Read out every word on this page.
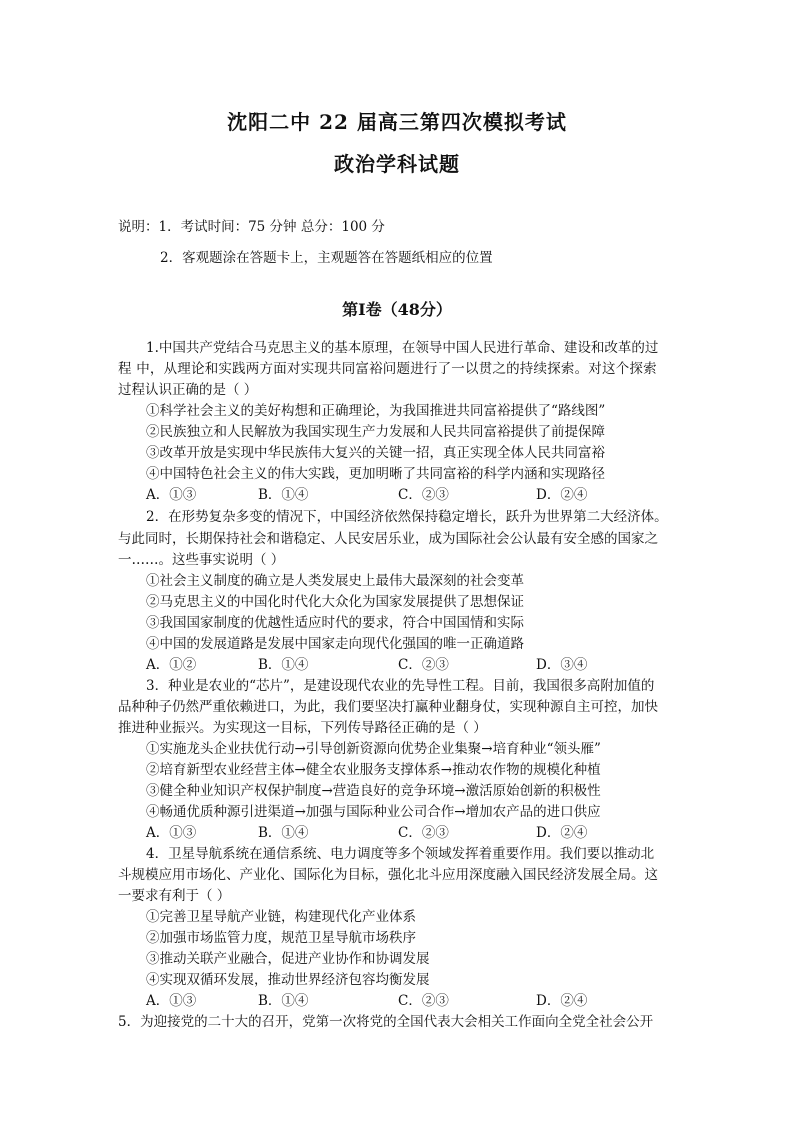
沈阳二中 22 届高三第四次模拟考试
政治学科试题
说明：1．考试时间：75 分钟 总分：100 分
2．客观题涂在答题卡上，主观题答在答题纸相应的位置
第Ⅰ卷（48分）
1.中国共产党结合马克思主义的基本原理，在领导中国人民进行革命、建设和改革的过
程 中，从理论和实践两方面对实现共同富裕问题进行了一以贯之的持续探索。对这个探索
过程认识正确的是（ ）
①科学社会主义的美好构想和正确理论，为我国推进共同富裕提供了“路线图”
②民族独立和人民解放为我国实现生产力发展和人民共同富裕提供了前提保障
③改革开放是实现中华民族伟大复兴的关键一招，真正实现全体人民共同富裕
④中国特色社会主义的伟大实践，更加明晰了共同富裕的科学内涵和实现路径
A．①③	B．①④	C．②③	D．②④
2．在形势复杂多变的情况下，中国经济依然保持稳定增长，跃升为世界第二大经济体。
与此同时，长期保持社会和谐稳定、人民安居乐业，成为国际社会公认最有安全感的国家之
一……。这些事实说明（ ）
①社会主义制度的确立是人类发展史上最伟大最深刻的社会变革
②马克思主义的中国化时代化大众化为国家发展提供了思想保证
③我国国家制度的优越性适应时代的要求，符合中国国情和实际
④中国的发展道路是发展中国家走向现代化强国的唯一正确道路
A．①②	B．①④	C．②③	D．③④
3．种业是农业的“芯片”，是建设现代农业的先导性工程。目前，我国很多高附加值的
品种种子仍然严重依赖进口，为此，我们要坚决打赢种业翻身仗，实现种源自主可控，加快
推进种业振兴。为实现这一目标，下列传导路径正确的是（ ）
①实施龙头企业扶优行动→引导创新资源向优势企业集聚→培育种业“领头雁”
②培育新型农业经营主体→健全农业服务支撑体系→推动农作物的规模化种植
③健全种业知识产权保护制度→营造良好的竞争环境→激活原始创新的积极性
④畅通优质种源引进渠道→加强与国际种业公司合作→增加农产品的进口供应
A．①③	B．①④	C．②③	D．②④
4．卫星导航系统在通信系统、电力调度等多个领域发挥着重要作用。我们要以推动北
斗规模应用市场化、产业化、国际化为目标，强化北斗应用深度融入国民经济发展全局。这
一要求有利于（ ）
①完善卫星导航产业链，构建现代化产业体系
②加强市场监管力度，规范卫星导航市场秩序
③推动关联产业融合，促进产业协作和协调发展
④实现双循环发展，推动世界经济包容均衡发展
A．①③	B．①④	C．②③	D．②④
5．为迎接党的二十大的召开，党第一次将党的全国代表大会相关工作面向全党全社会公开
